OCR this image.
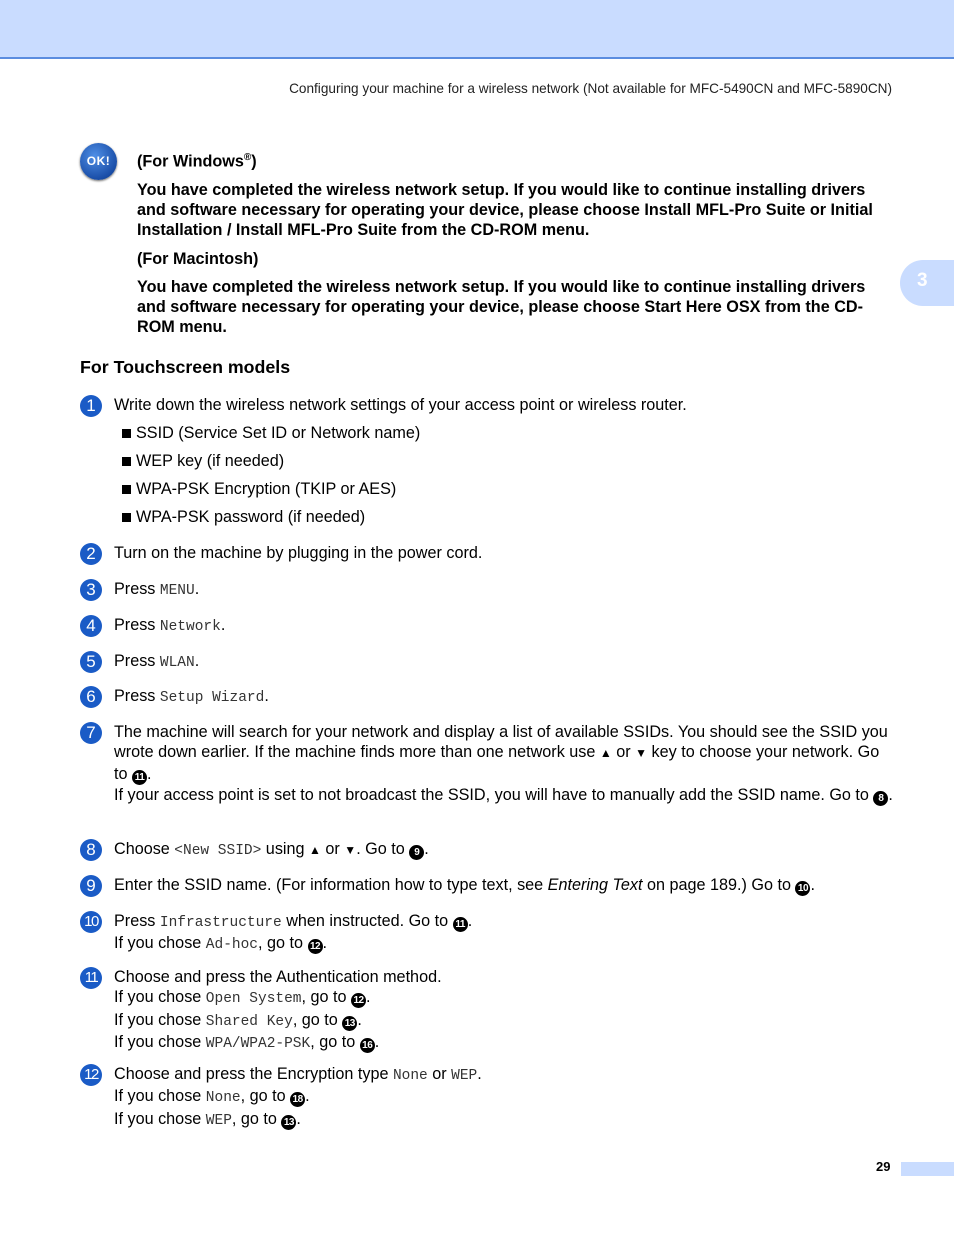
Configuring your machine for a wireless network (Not available for MFC-5490CN and MFC-5890CN)
3
OK!	(For Windows®)

You have completed the wireless network setup. If you would like to continue installing drivers and software necessary for operating your device, please choose Install MFL-Pro Suite or Initial Installation / Install MFL-Pro Suite from the CD-ROM menu.

(For Macintosh)

You have completed the wireless network setup. If you would like to continue installing drivers and software necessary for operating your device, please choose Start Here OSX from the CD-ROM menu.

For Touchscreen models
1	Write down the wireless network settings of your access point or wireless router.
SSID (Service Set ID or Network name)
WEP key (if needed)
WPA-PSK Encryption (TKIP or AES)
WPA-PSK password (if needed)
2	Turn on the machine by plugging in the power cord.
3	Press MENU.
4	Press Network.
5	Press WLAN.
6	Press Setup Wizard.
7	The machine will search for your network and display a list of available SSIDs. You should see the SSID you wrote down earlier. If the machine finds more than one network use ▲ or ▼ key to choose your network. Go to 11 .
If your access point is set to not broadcast the SSID, you will have to manually add the SSID name. Go to 8 .
8	Choose <New SSID> using ▲ or ▼. Go to 9 .
9	Enter the SSID name. (For information how to type text, see Entering Text on page 189.) Go to 10 .
10 Press Infrastructure when instructed. Go to 11 .
If you chose Ad-hoc, go to 12 .
11 Choose and press the Authentication method.
If you chose Open System, go to 12 .
If you chose Shared Key, go to 13 .
If you chose WPA/WPA2-PSK, go to 16 .
12 Choose and press the Encryption type None or WEP.
If you chose None, go to 18 .
If you chose WEP, go to 13 .
29
